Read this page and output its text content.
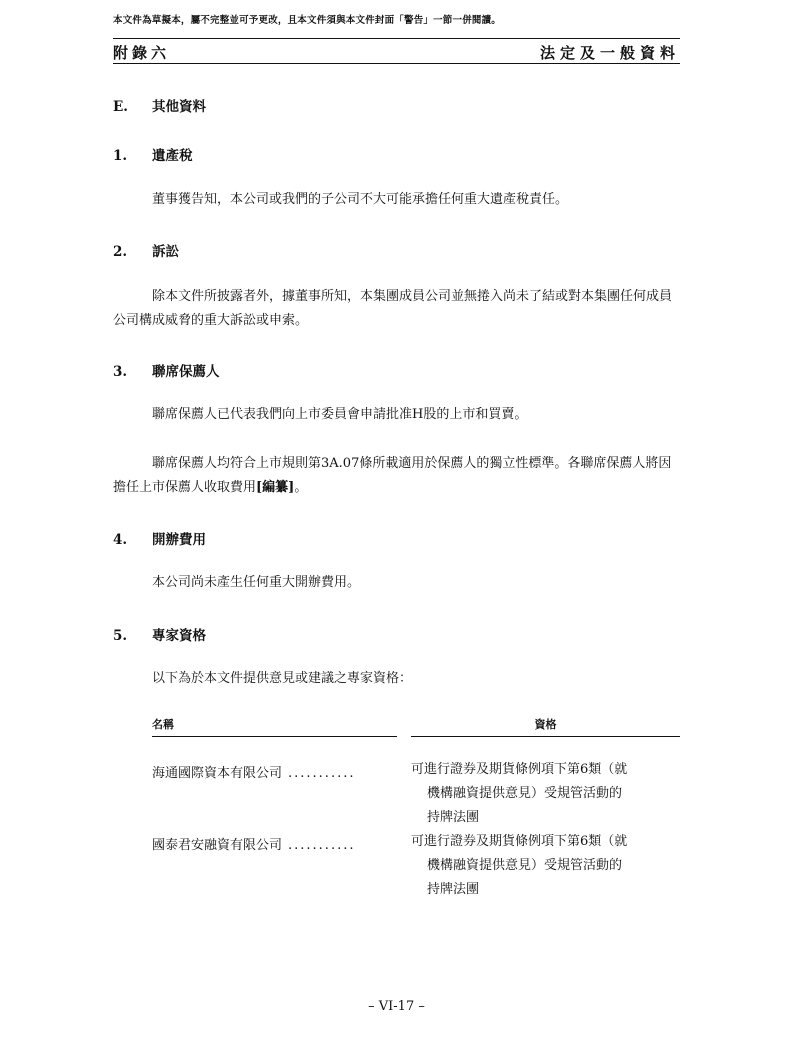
本文件為草擬本，屬不完整並可予更改，且本文件須與本文件封面「警告」一節一併閱讀。
附錄六	法定及一般資料
E. 其他資料
1. 遺產稅
董事獲告知，本公司或我們的子公司不大可能承擔任何重大遺產稅責任。
2. 訴訟
除本文件所披露者外，據董事所知，本集團成員公司並無捲入尚未了結或對本集團任何成員公司構成威脅的重大訴訟或申索。
3. 聯席保薦人
聯席保薦人已代表我們向上市委員會申請批准H股的上市和買賣。
聯席保薦人均符合上市規則第3A.07條所載適用於保薦人的獨立性標準。各聯席保薦人將因擔任上市保薦人收取費用[編纂]。
4. 開辦費用
本公司尚未產生任何重大開辦費用。
5. 專家資格
以下為於本文件提供意見或建議之專家資格：
名稱	資格
海通國際資本有限公司 ...........	可進行證券及期貨條例項下第6類（就
機構融資提供意見）受規管活動的
持牌法團
國泰君安融資有限公司 ...........	可進行證券及期貨條例項下第6類（就
機構融資提供意見）受規管活動的
持牌法團
– VI-17 –
